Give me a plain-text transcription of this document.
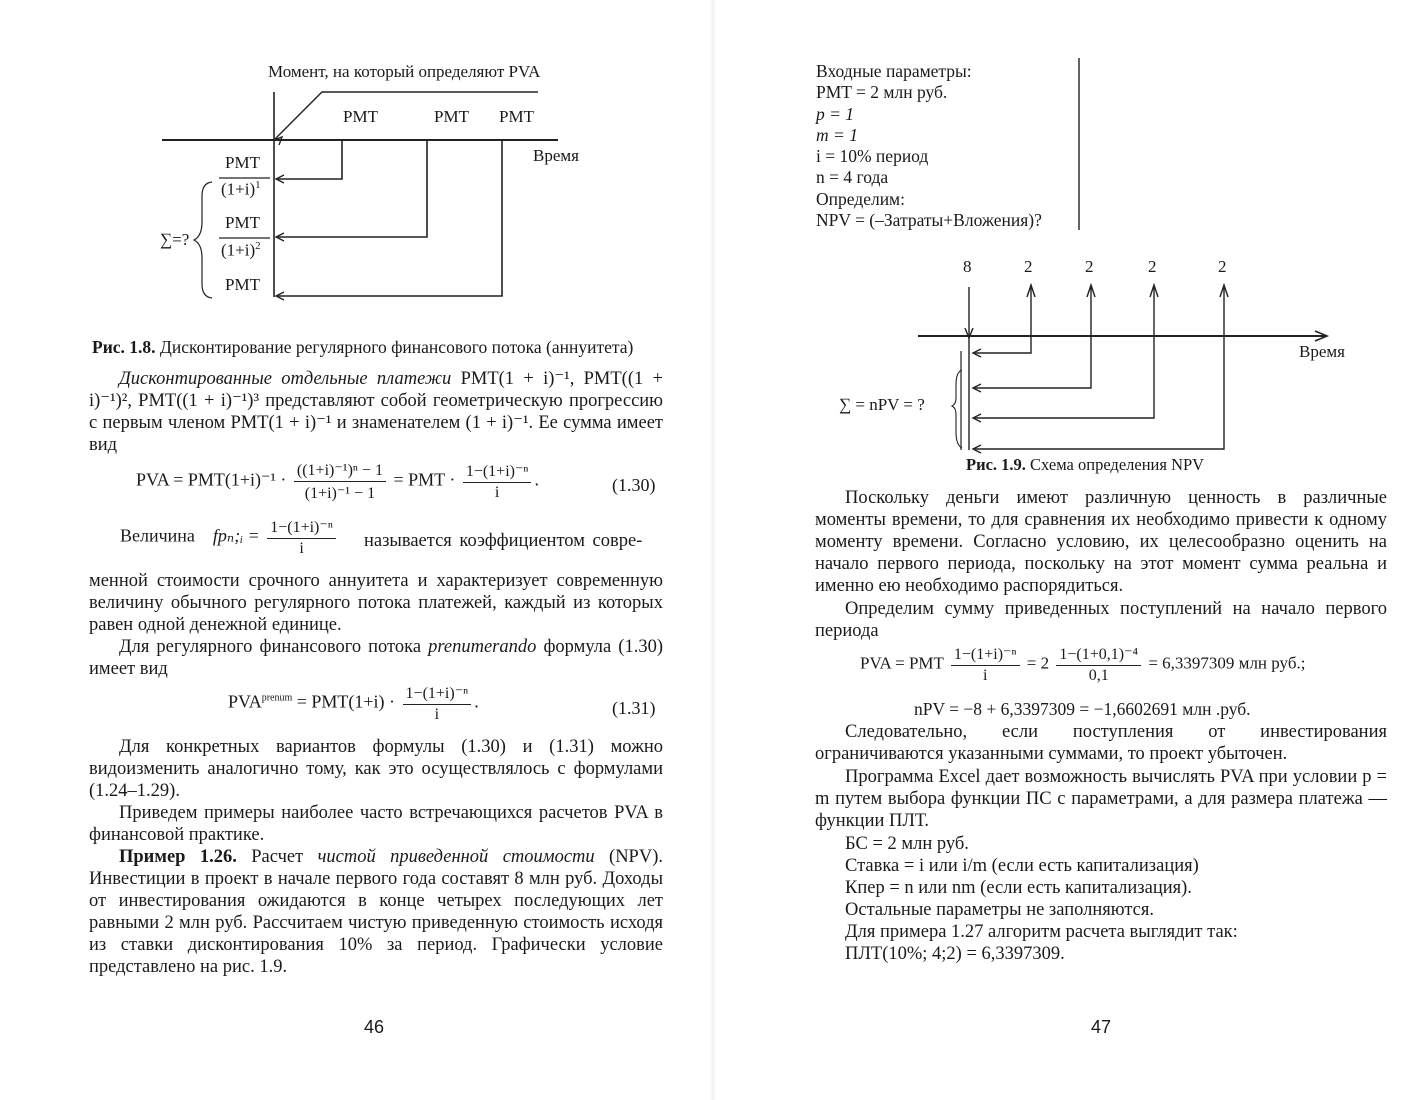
Момент, на который определяют PVA
PMT	PMT PMT
Время
PMT
$(1+i)^1$
PMT
$(1+i)^2$
PMT
∑=?
Рис. 1.8. Дисконтирование регулярного финансового потока (аннуитета)
Дисконтированные отдельные платежи PMT(1 + i)⁻¹, PMT((1 + i)⁻¹)², PMT((1 + i)⁻¹)³ представляют собой геометрическую прогрессию с первым членом PMT(1 + i)⁻¹ и знаменателем (1 + i)⁻¹. Ее сумма имеет вид
PVA = $PMT(1+i)^{-1} \cdot \frac{\text{((1+i)⁻¹)ⁿ − 1}}{\text{(1+i)⁻¹ − 1}}$ = PMT · $\frac{\text{1−(1+i)⁻ⁿ}}{i}$ .	(1.30)
Величина fpₙ;ᵢ = $\frac{\text{1−(1+i)⁻ⁿ}}{i}$ называется коэффициентом совре-
менной стоимости срочного аннуитета и характеризует современную величину обычного регулярного потока платежей, каждый из которых равен одной денежной единице.
Для регулярного финансового потока prenumerando формула (1.30) имеет вид
$PVA^{prenum} = PMT(1+i) \cdot \frac{\text{1−(1+i)⁻ⁿ}}{i}$ .	(1.31)
Для конкретных вариантов формулы (1.30) и (1.31) можно видоизменить аналогично тому, как это осуществлялось с формулами (1.24–1.29).
Приведем примеры наиболее часто встречающихся расчетов PVA в финансовой практике.
Пример 1.26. Расчет чистой приведенной стоимости (NPV). Инвестиции в проект в начале первого года составят 8 млн руб. Доходы от инвестирования ожидаются в конце четырех последующих лет равными 2 млн руб. Рассчитаем чистую приведенную стоимость исходя из ставки дисконтирования 10% за период. Графически условие представлено на рис. 1.9.
46
Входные параметры:
PMT = 2 млн руб.
p = 1
m = 1
i = 10% период
n = 4 года
Определим:
NPV = (–Затраты+Вложения)?
8	2	2	2	2
Время
∑ = nPV = ?
Рис. 1.9. Схема определения NPV
Поскольку деньги имеют различную ценность в различные моменты времени, то для сравнения их необходимо привести к одному моменту времени. Согласно условию, их целесообразно оценить на начало первого периода, поскольку на этот момент сумма реальна и именно ею необходимо распорядиться.
Определим сумму приведенных поступлений на начало первого периода
PVA = PMT $\frac{\text{1−(1+i)⁻ⁿ}}{i} = 2 \frac{\text{1−(1+0,1)⁻⁴}}{0,1} = 6,3397309$ млн руб.;
nPV = −8 + 6,3397309 = −1,6602691 млн .руб.
Следовательно, если поступления от инвестирования ограничиваются указанными суммами, то проект убыточен.
Программа Excel дает возможность вычислять PVA при условии p = m путем выбора функции ПС с параметрами, а для размера платежа — функции ПЛТ.
БС = 2 млн руб.
Ставка = i или i/m (если есть капитализация)
Кпер = n или nm (если есть капитализация).
Остальные параметры не заполняются.
Для примера 1.27 алгоритм расчета выглядит так:
ПЛТ(10%; 4;2) = 6,3397309.
47
